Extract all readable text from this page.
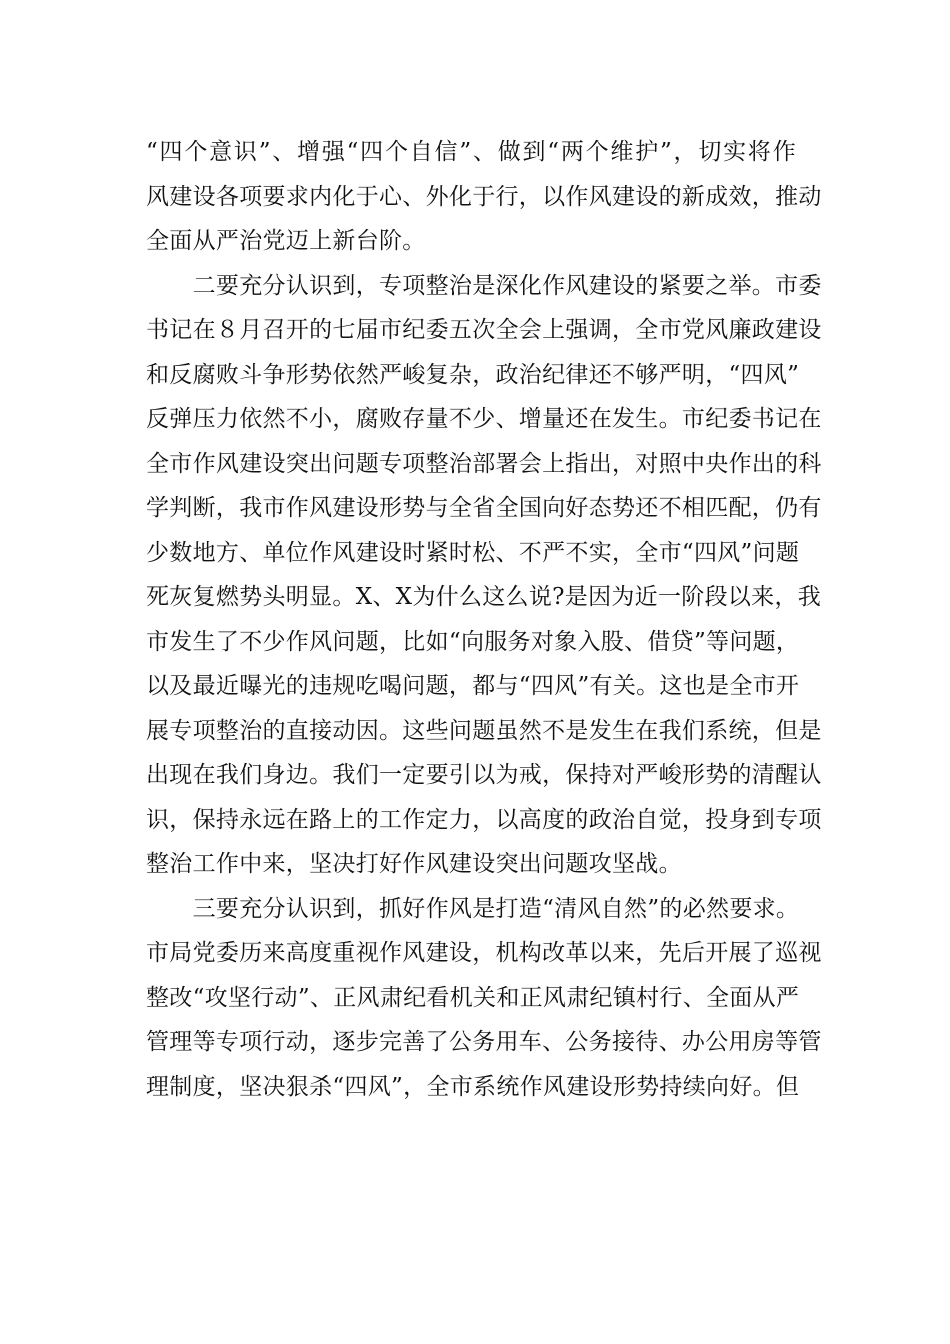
“四个意识”、增强“四个自信”、做到“两个维护”，切实将作
风建设各项要求内化于心、外化于行，以作风建设的新成效，推动
全面从严治党迈上新台阶。
　　二要充分认识到，专项整治是深化作风建设的紧要之举。市委
书记在８月召开的七届市纪委五次全会上强调，全市党风廉政建设
和反腐败斗争形势依然严峻复杂，政治纪律还不够严明，“四风”
反弹压力依然不小，腐败存量不少、增量还在发生。市纪委书记在
全市作风建设突出问题专项整治部署会上指出，对照中央作出的科
学判断，我市作风建设形势与全省全国向好态势还不相匹配，仍有
少数地方、单位作风建设时紧时松、不严不实，全市“四风”问题
死灰复燃势头明显。X、X为什么这么说?是因为近一阶段以来，我
市发生了不少作风问题，比如“向服务对象入股、借贷”等问题，
以及最近曝光的违规吃喝问题，都与“四风”有关。这也是全市开
展专项整治的直接动因。这些问题虽然不是发生在我们系统，但是
出现在我们身边。我们一定要引以为戒，保持对严峻形势的清醒认
识，保持永远在路上的工作定力，以高度的政治自觉，投身到专项
整治工作中来，坚决打好作风建设突出问题攻坚战。
　　三要充分认识到，抓好作风是打造“清风自然”的必然要求。
市局党委历来高度重视作风建设，机构改革以来，先后开展了巡视
整改“攻坚行动”、正风肃纪看机关和正风肃纪镇村行、全面从严
管理等专项行动，逐步完善了公务用车、公务接待、办公用房等管
理制度，坚决狠杀“四风”，全市系统作风建设形势持续向好。但
